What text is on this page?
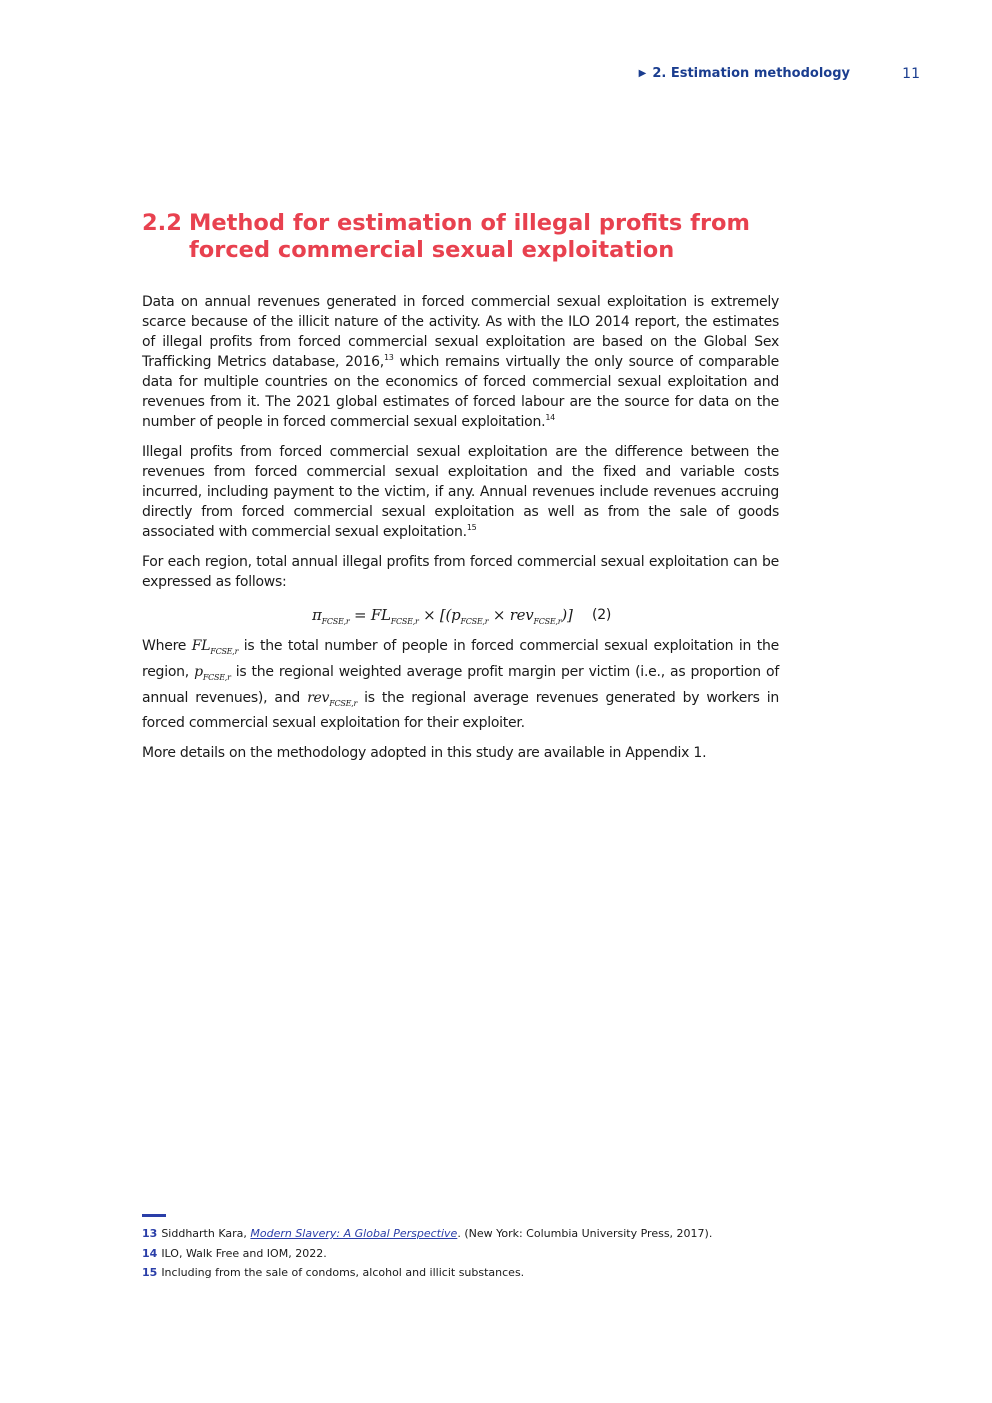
▶ 2. Estimation methodology	11
2.2 Method for estimation of illegal profits from forced commercial sexual exploitation

Data on annual revenues generated in forced commercial sexual exploitation is extremely scarce because of the illicit nature of the activity. As with the ILO 2014 report, the estimates of illegal profits from forced commercial sexual exploitation are based on the Global Sex Trafficking Metrics database, 2016,13 which remains virtually the only source of comparable data for multiple countries on the economics of forced commercial sexual exploitation and revenues from it. The 2021 global estimates of forced labour are the source for data on the number of people in forced commercial sexual exploitation.$^{14}$

Illegal profits from forced commercial sexual exploitation are the difference between the revenues from forced commercial sexual exploitation and the fixed and variable costs incurred, including payment to the victim, if any. Annual revenues include revenues accruing directly from forced commercial sexual exploitation as well as from the sale of goods associated with commercial sexual exploitation.$^{15}$

For each region, total annual illegal profits from forced commercial sexual exploitation can be expressed as follows:

$\pi_{FCSE,r} = FL_{FCSE,r} \times [(p_{FCSE,r} \times rev_{FCSE,r})]$ (2)

Where $FL_{FCSE,r}$ is the total number of people in forced commercial sexual exploitation in the region, $p_{FCSE,r}$ is the regional weighted average profit margin per victim (i.e., as proportion of annual revenues), and rev$_{FCSE,r}$ is the regional average revenues generated by workers in forced commercial sexual exploitation for their exploiter.

More details on the methodology adopted in this study are available in Appendix 1.

13 Siddharth Kara, Modern Slavery: A Global Perspective. (New York: Columbia University Press, 2017).
14 ILO, Walk Free and IOM, 2022.
15 Including from the sale of condoms, alcohol and illicit substances.
